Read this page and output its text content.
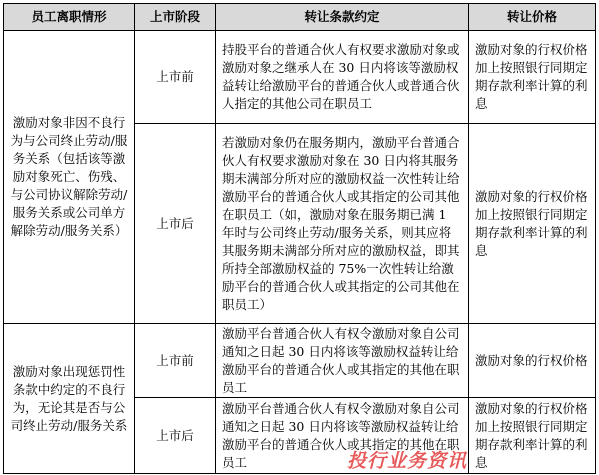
员工离职情形	上市阶段	转让条款约定	转让价格
激励对象非因不良行为与公司终止劳动/服务关系（包括该等激励对象死亡、伤残、与公司协议解除劳动/服务关系或公司单方解除劳动/服务关系）	上市前	持股平台的普通合伙人有权要求激励对象或激励对象之继承人在 30 日内将该等激励权益转让给激励平台的普通合伙人或普通合伙人指定的其他公司在职员工	激励对象的行权价格加上按照银行同期定期存款利率计算的利息
	上市后	若激励对象仍在服务期内，激励平台普通合伙人有权要求激励对象在 30 日内将其服务期未满部分所对应的激励权益一次性转让给激励平台的普通合伙人或其指定的公司其他在职员工（如，激励对象在服务期已满 1 年时与公司终止劳动/服务关系，则其应将其服务期未满部分所对应的激励权益，即其所持全部激励权益的 75%一次性转让给激励平台的普通合伙人或其指定的公司其他在职员工）	激励对象的行权价格加上按照银行同期定期存款利率计算的利息
激励对象出现惩罚性条款中约定的不良行为，无论其是否与公司终止劳动/服务关系	上市前	激励平台普通合伙人有权令激励对象自公司通知之日起 30 日内将该等激励权益转让给激励平台的普通合伙人或其指定的其他在职员工	激励对象的行权价格
	上市后	激励平台普通合伙人有权令激励对象自公司通知之日起 30 日内将该等激励权益转让给激励平台的普通合伙人或其指定的其他在职员工	激励对象的行权价格加上按照银行同期定期存款利率计算的利息
投行业务资讯
